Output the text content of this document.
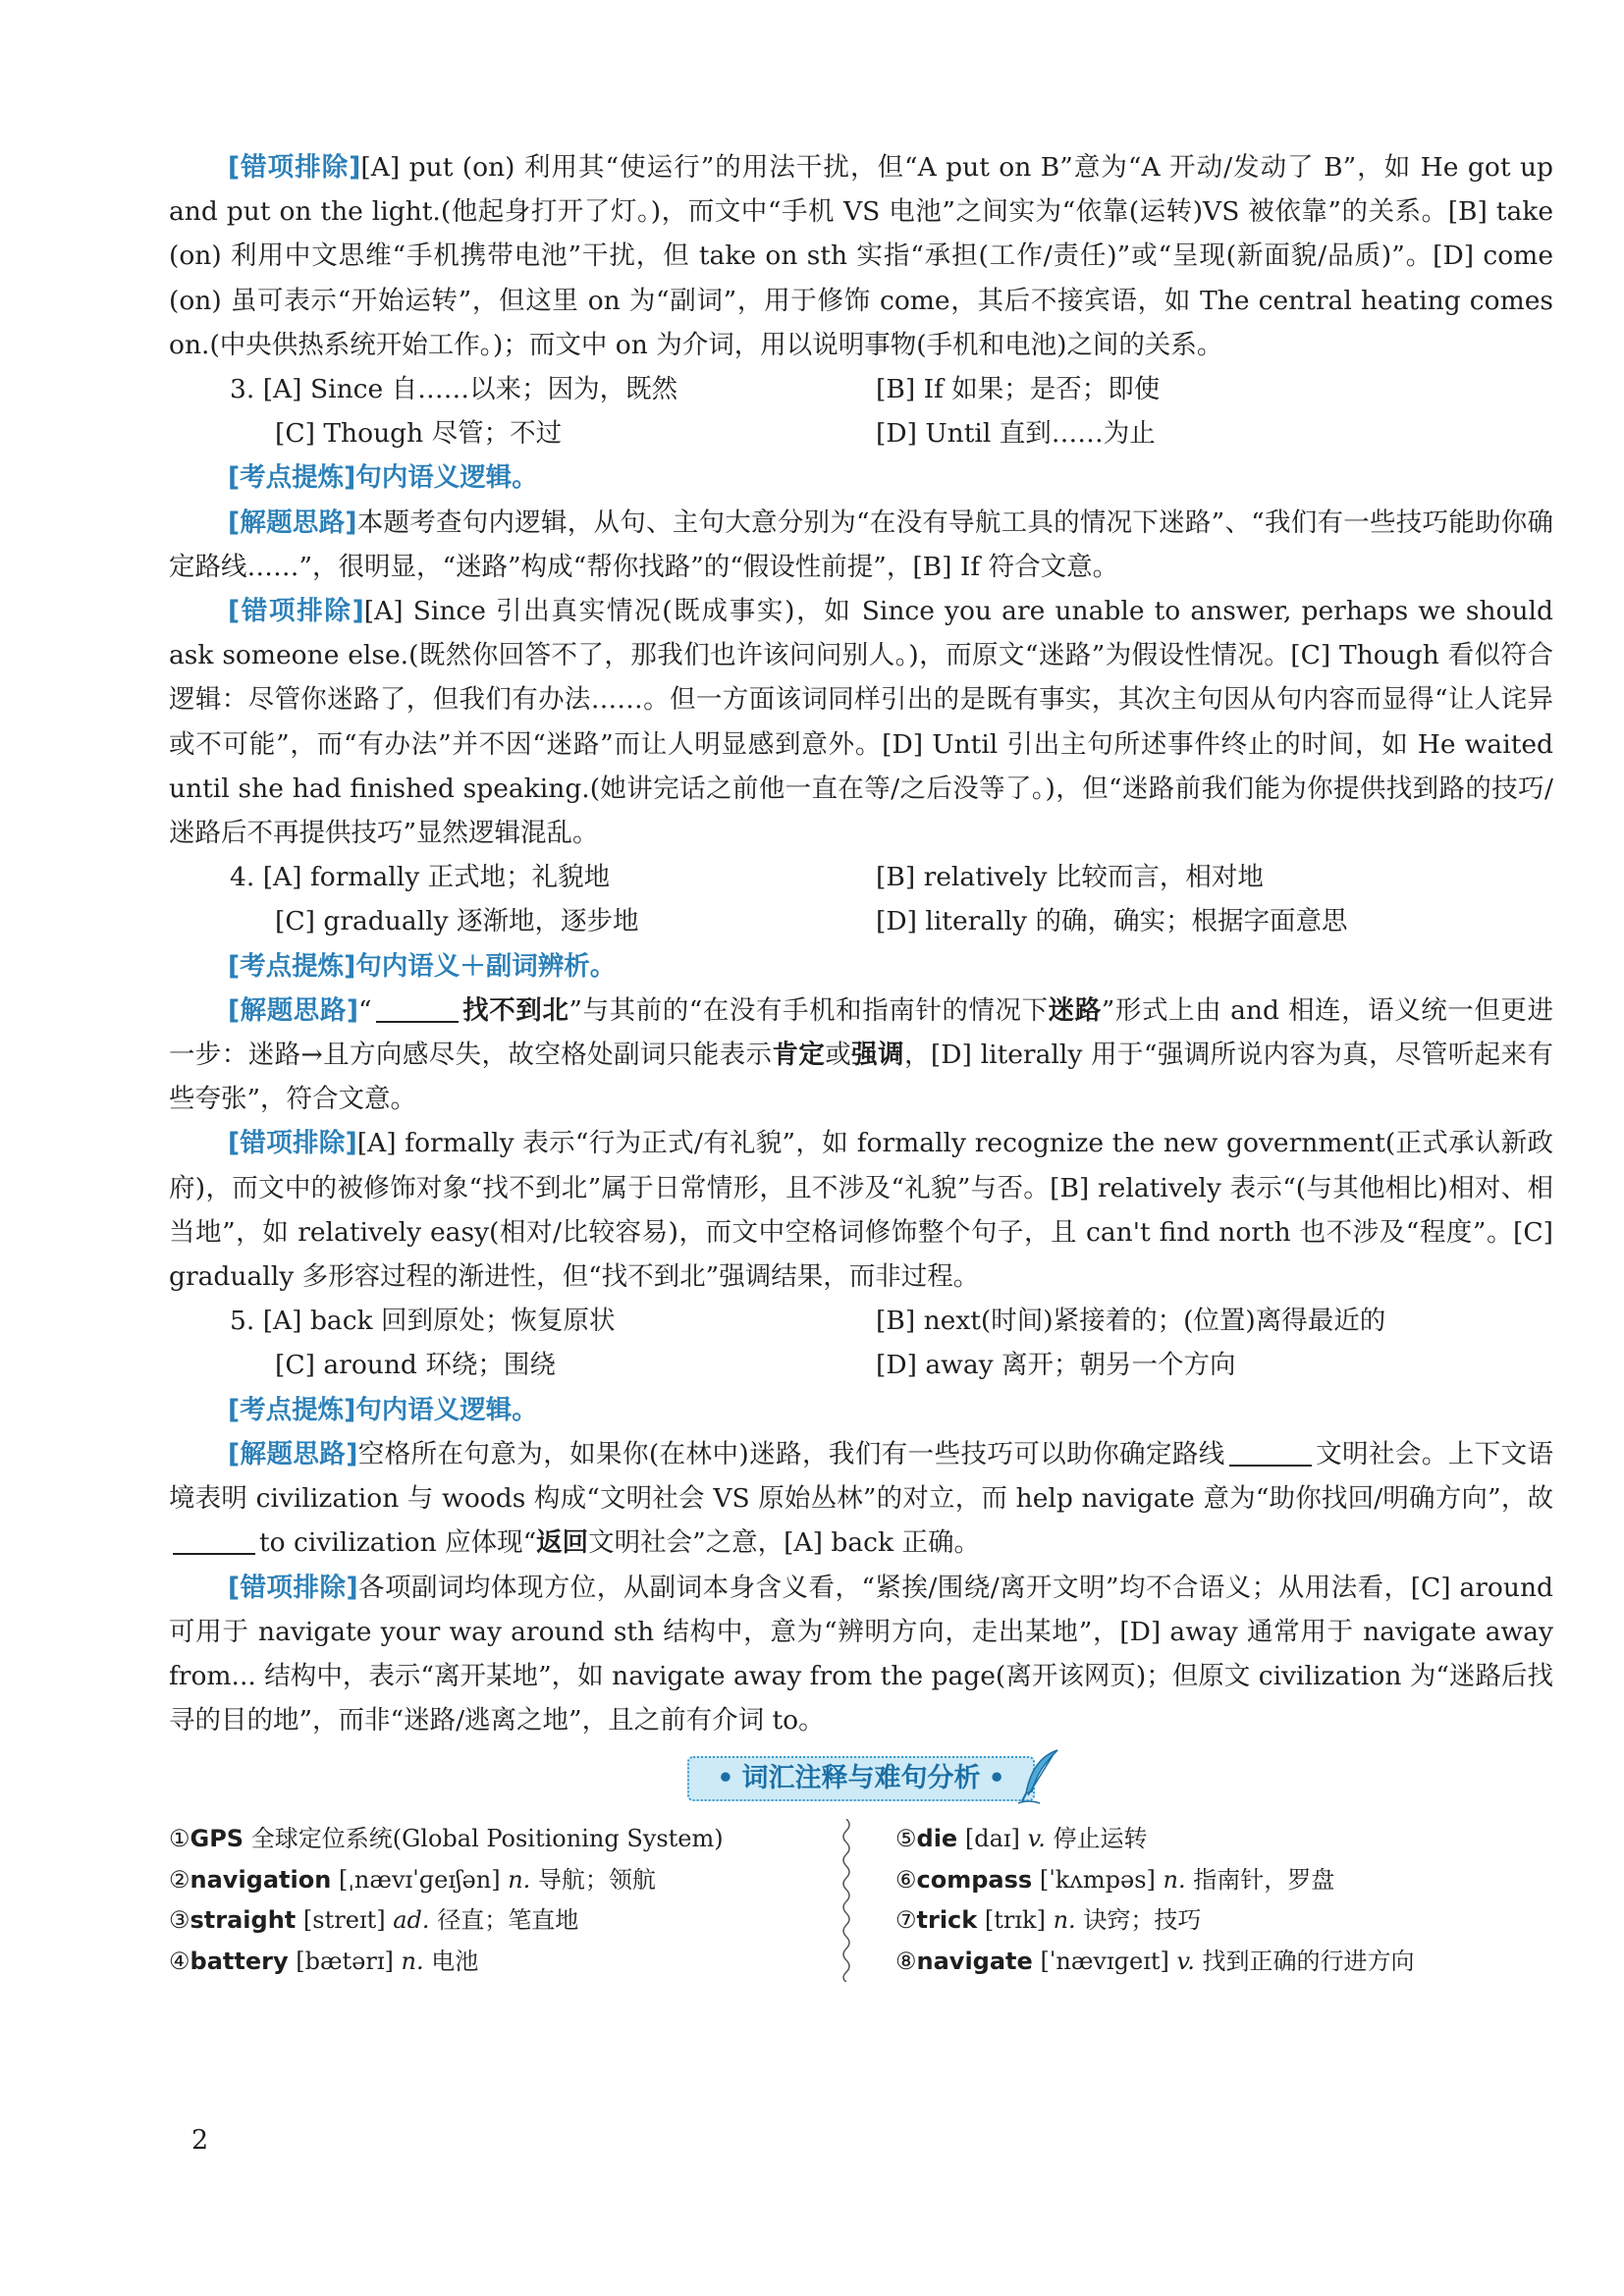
[错项排除][A] put (on) 利用其“使运行”的用法干扰，但“A put on B”意为“A 开动/发动了 B”，如 He got up and put on the light.(他起身打开了灯。)，而文中“手机 VS 电池”之间实为“依靠(运转)VS 被依靠”的关系。[B] take (on) 利用中文思维“手机携带电池”干扰，但 take on sth 实指“承担(工作/责任)”或“呈现(新面貌/品质)”。[D] come (on) 虽可表示“开始运转”，但这里 on 为“副词”，用于修饰 come，其后不接宾语，如 The central heating comes on.(中央供热系统开始工作。)；而文中 on 为介词，用以说明事物(手机和电池)之间的关系。

3. [A] Since 自……以来；因为，既然	[B] If 如果；是否；即使
[C] Though 尽管；不过	[D] Until 直到……为止

[考点提炼]句内语义逻辑。

[解题思路]本题考查句内逻辑，从句、主句大意分别为“在没有导航工具的情况下迷路”、“我们有一些技巧能助你确定路线……”，很明显，“迷路”构成“帮你找路”的“假设性前提”，[B] If 符合文意。

[错项排除][A] Since 引出真实情况(既成事实)，如 Since you are unable to answer, perhaps we should ask someone else.(既然你回答不了，那我们也许该问问别人。)，而原文“迷路”为假设性情况。[C] Though 看似符合逻辑：尽管你迷路了，但我们有办法……。但一方面该词同样引出的是既有事实，其次主句因从句内容而显得“让人诧异或不可能”，而“有办法”并不因“迷路”而让人明显感到意外。[D] Until 引出主句所述事件终止的时间，如 He waited until she had finished speaking.(她讲完话之前他一直在等/之后没等了。)，但“迷路前我们能为你提供找到路的技巧/迷路后不再提供技巧”显然逻辑混乱。

4. [A] formally 正式地；礼貌地	[B] relatively 比较而言，相对地
[C] gradually 逐渐地，逐步地	[D] literally 的确，确实；根据字面意思

[考点提炼]句内语义＋副词辨析。

[解题思路]“	找不到北”与其前的“在没有手机和指南针的情况下迷路”形式上由 and 相连，语义统一但更进一步：迷路→且方向感尽失，故空格处副词只能表示肯定或强调，[D] literally 用于“强调所说内容为真，尽管听起来有些夸张”，符合文意。

[错项排除][A] formally 表示“行为正式/有礼貌”，如 formally recognize the new government(正式承认新政府)，而文中的被修饰对象“找不到北”属于日常情形，且不涉及“礼貌”与否。[B] relatively 表示“(与其他相比)相对、相当地”，如 relatively easy(相对/比较容易)，而文中空格词修饰整个句子，且 can't find north 也不涉及“程度”。[C] gradually 多形容过程的渐进性，但“找不到北”强调结果，而非过程。

5. [A] back 回到原处；恢复原状	[B] next(时间)紧接着的；(位置)离得最近的
[C] around 环绕；围绕	[D] away 离开；朝另一个方向

[考点提炼]句内语义逻辑。

[解题思路]空格所在句意为，如果你(在林中)迷路，我们有一些技巧可以助你确定路线	文明社会。上下文语境表明 civilization 与 woods 构成“文明社会 VS 原始丛林”的对立，而 help navigate 意为“助你找回/明确方向”，故to civilization 应体现“返回文明社会”之意，[A] back 正确。

[错项排除]各项副词均体现方位，从副词本身含义看，“紧挨/围绕/离开文明”均不合语义；从用法看，[C] around 可用于 navigate your way around sth 结构中，意为“辨明方向，走出某地”，[D] away 通常用于 navigate away from... 结构中，表示“离开某地”，如 navigate away from the page(离开该网页)；但原文 civilization 为“迷路后找寻的目的地”，而非“迷路/逃离之地”，且之前有介词 to。

• 词汇注释与难句分析 •
①GPS 全球定位系统(Global Positioning System)
②navigation [ˌnævɪˈɡeɪʃən] n. 导航；领航
③straight [streɪt] ad. 径直；笔直地
④battery [bætərɪ] n. 电池
⑤die [daɪ] v. 停止运转
⑥compass [ˈkʌmpəs] n. 指南针，罗盘
⑦trick [trɪk] n. 诀窍；技巧
⑧navigate [ˈnævɪɡeɪt] v. 找到正确的行进方向
2
